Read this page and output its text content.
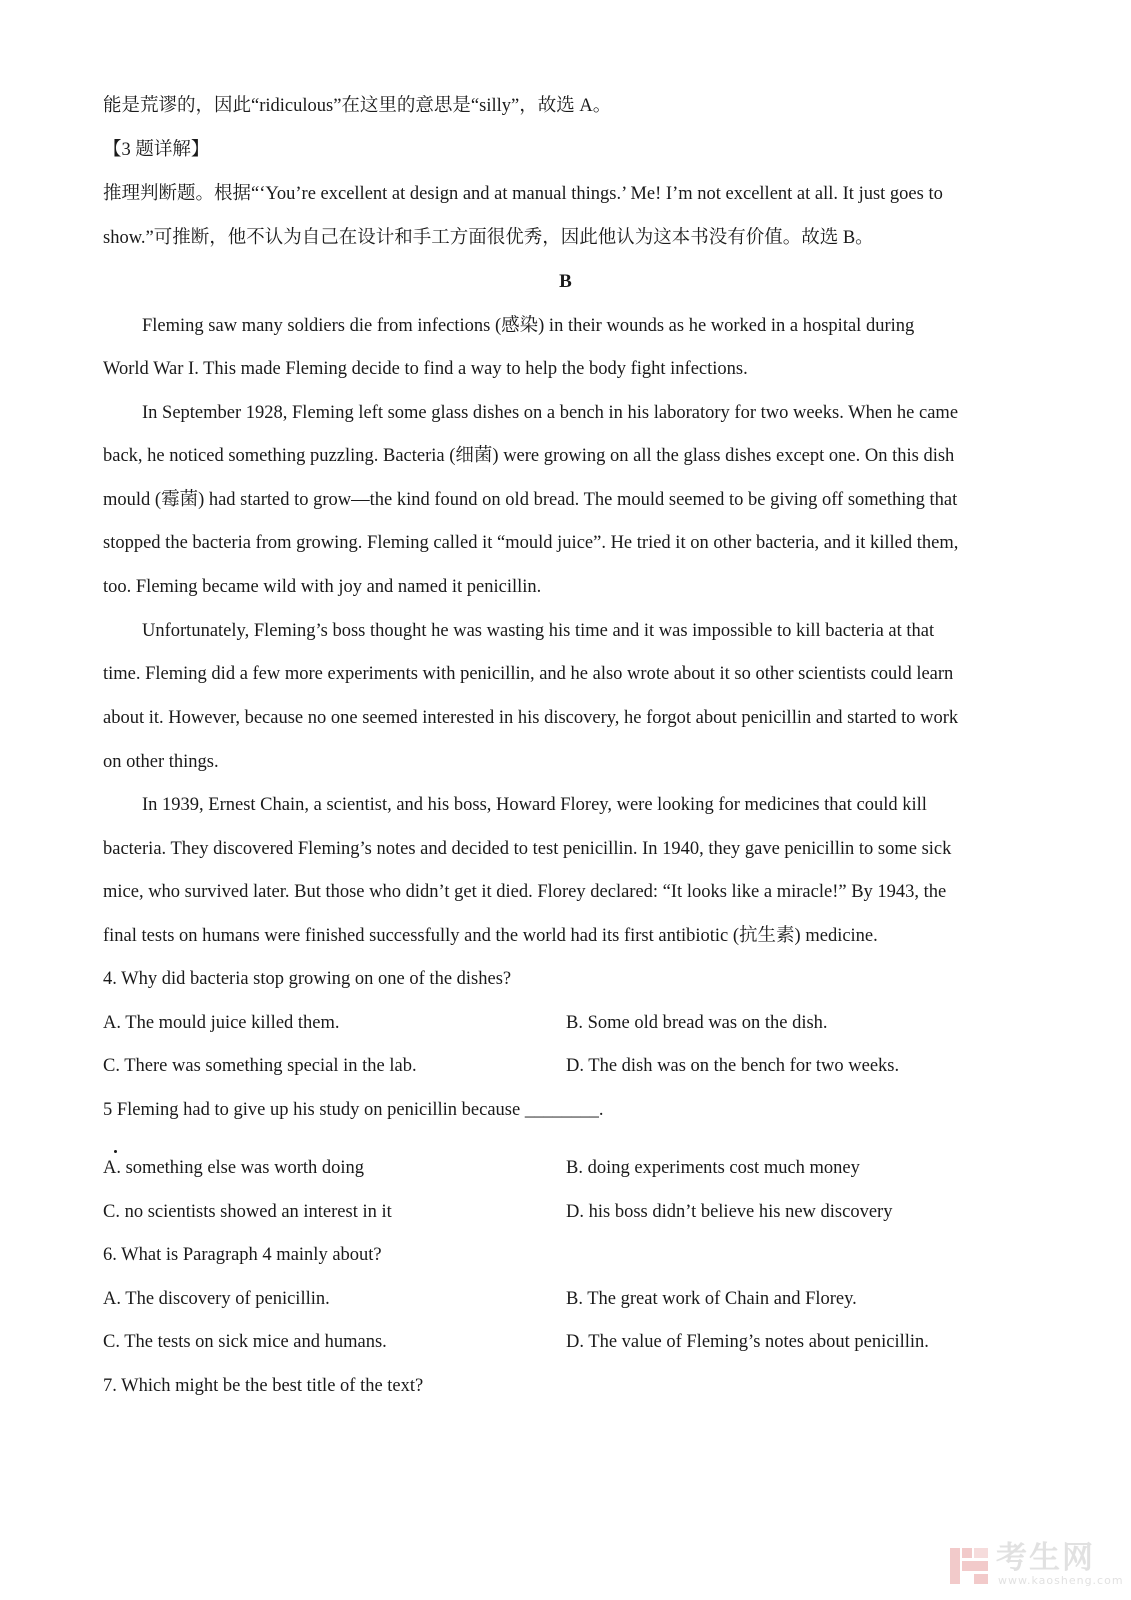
能是荒谬的，因此“ridiculous”在这里的意思是“silly”，故选 A。
【3 题详解】
推理判断题。根据“‘You’re excellent at design and at manual things.’ Me! I’m not excellent at all. It just goes to
show.”可推断，他不认为自己在设计和手工方面很优秀，因此他认为这本书没有价值。故选 B。
B
Fleming saw many soldiers die from infections (感染) in their wounds as he worked in a hospital during
World War I. This made Fleming decide to find a way to help the body fight infections.
In September 1928, Fleming left some glass dishes on a bench in his laboratory for two weeks. When he came
back, he noticed something puzzling. Bacteria (细菌) were growing on all the glass dishes except one. On this dish
mould (霉菌) had started to grow—the kind found on old bread. The mould seemed to be giving off something that
stopped the bacteria from growing. Fleming called it “mould juice”. He tried it on other bacteria, and it killed them,
too. Fleming became wild with joy and named it penicillin.
Unfortunately, Fleming’s boss thought he was wasting his time and it was impossible to kill bacteria at that
time. Fleming did a few more experiments with penicillin, and he also wrote about it so other scientists could learn
about it. However, because no one seemed interested in his discovery, he forgot about penicillin and started to work
on other things.
In 1939, Ernest Chain, a scientist, and his boss, Howard Florey, were looking for medicines that could kill
bacteria. They discovered Fleming’s notes and decided to test penicillin. In 1940, they gave penicillin to some sick
mice, who survived later. But those who didn’t get it died. Florey declared: “It looks like a miracle!” By 1943, the
final tests on humans were finished successfully and the world had its first antibiotic (抗生素) medicine.
4. Why did bacteria stop growing on one of the dishes?
A. The mould juice killed them.	B. Some old bread was on the dish.
C. There was something special in the lab.	D. The dish was on the bench for two weeks.
5 Fleming had to give up his study on penicillin because ________.
A. something else was worth doing	B. doing experiments cost much money
C. no scientists showed an interest in it	D. his boss didn’t believe his new discovery
6. What is Paragraph 4 mainly about?
A. The discovery of penicillin.	B. The great work of Chain and Florey.
C. The tests on sick mice and humans.	D. The value of Fleming’s notes about penicillin.
7. Which might be the best title of the text?
考生网
www.kaosheng.com
